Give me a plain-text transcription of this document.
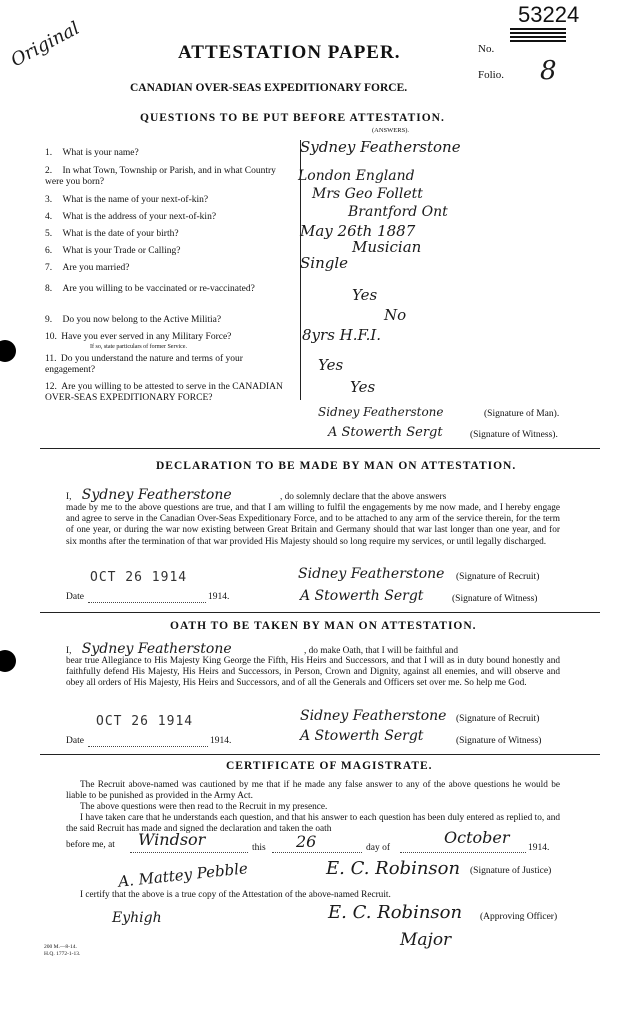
Original
53224
No.
Folio. 8
ATTESTATION PAPER.
CANADIAN OVER-SEAS EXPEDITIONARY FORCE.
QUESTIONS TO BE PUT BEFORE ATTESTATION.
(ANSWERS).
1. What is your name?	Sydney Featherstone
2. In what Town, Township or Parish, and in what Country were you born?	London England
3. What is the name of your next-of-kin?	Mrs Geo Follett
4. What is the address of your next-of-kin?	Brantford Ont
5. What is the date of your birth?	May 26th 1887
6. What is your Trade or Calling?	Musician
7. Are you married?	Single
8. Are you willing to be vaccinated or re-vaccinated?	Yes
9. Do you now belong to the Active Militia?	No
10. Have you ever served in any Military Force?
If so, state particulars of former Service.
8yrs H.F.I.
11. Do you understand the nature and terms of your engagement?	Yes
12. Are you willing to be attested to serve in the CANADIAN OVER-SEAS EXPEDITIONARY FORCE?
Yes
Sidney Featherstone	(Signature of Man).
A Stowerth Sergt	(Signature of Witness).
DECLARATION TO BE MADE BY MAN ON ATTESTATION.
I, Sydney Featherstone	, do solemnly declare that the above answers
made by me to the above questions are true, and that I am willing to fulfil the engagements by me now made, and I hereby engage and agree to serve in the Canadian Over-Seas Expeditionary Force, and to be attached to any arm of the service therein, for the term of one year, or during the war now existing between Great Britain and Germany should that war last longer than one year, and for six months after the termination of that war provided His Majesty should so long require my services, or until legally discharged.
OCT 26 1914
Date	1914.
Sidney Featherstone (Signature of Recruit)
A Stowerth Sergt	(Signature of Witness)
OATH TO BE TAKEN BY MAN ON ATTESTATION.
I, Sydney Featherstone	, do make Oath, that I will be faithful and
bear true Allegiance to His Majesty King George the Fifth, His Heirs and Successors, and that I will as in duty bound honestly and faithfully defend His Majesty, His Heirs and Successors, in Person, Crown and Dignity, against all enemies, and will observe and obey all orders of His Majesty, His Heirs and Successors, and of all the Generals and Officers set over me. So help me God.
OCT 26 1914
Date	1914.
Sidney Featherstone (Signature of Recruit)
A Stowerth Sergt	(Signature of Witness)
CERTIFICATE OF MAGISTRATE.
The Recruit above-named was cautioned by me that if he made any false answer to any of the above questions he would be liable to be punished as provided in the Army Act.
The above questions were then read to the Recruit in my presence.
I have taken care that he understands each question, and that his answer to each question has been duly entered as replied to, and the said Recruit has made and signed the declaration and taken the oath
before me, at	Windsor	this 26	day of
October
1914.
A. Mattey Pebble	E. C. Robinson (Signature of Justice)
I certify that the above is a true copy of the Attestation of the above-named Recruit.
Eyhigh	E. C. Robinson (Approving Officer)
Major
200 M.—8-14.
H.Q. 1772-1-13.
